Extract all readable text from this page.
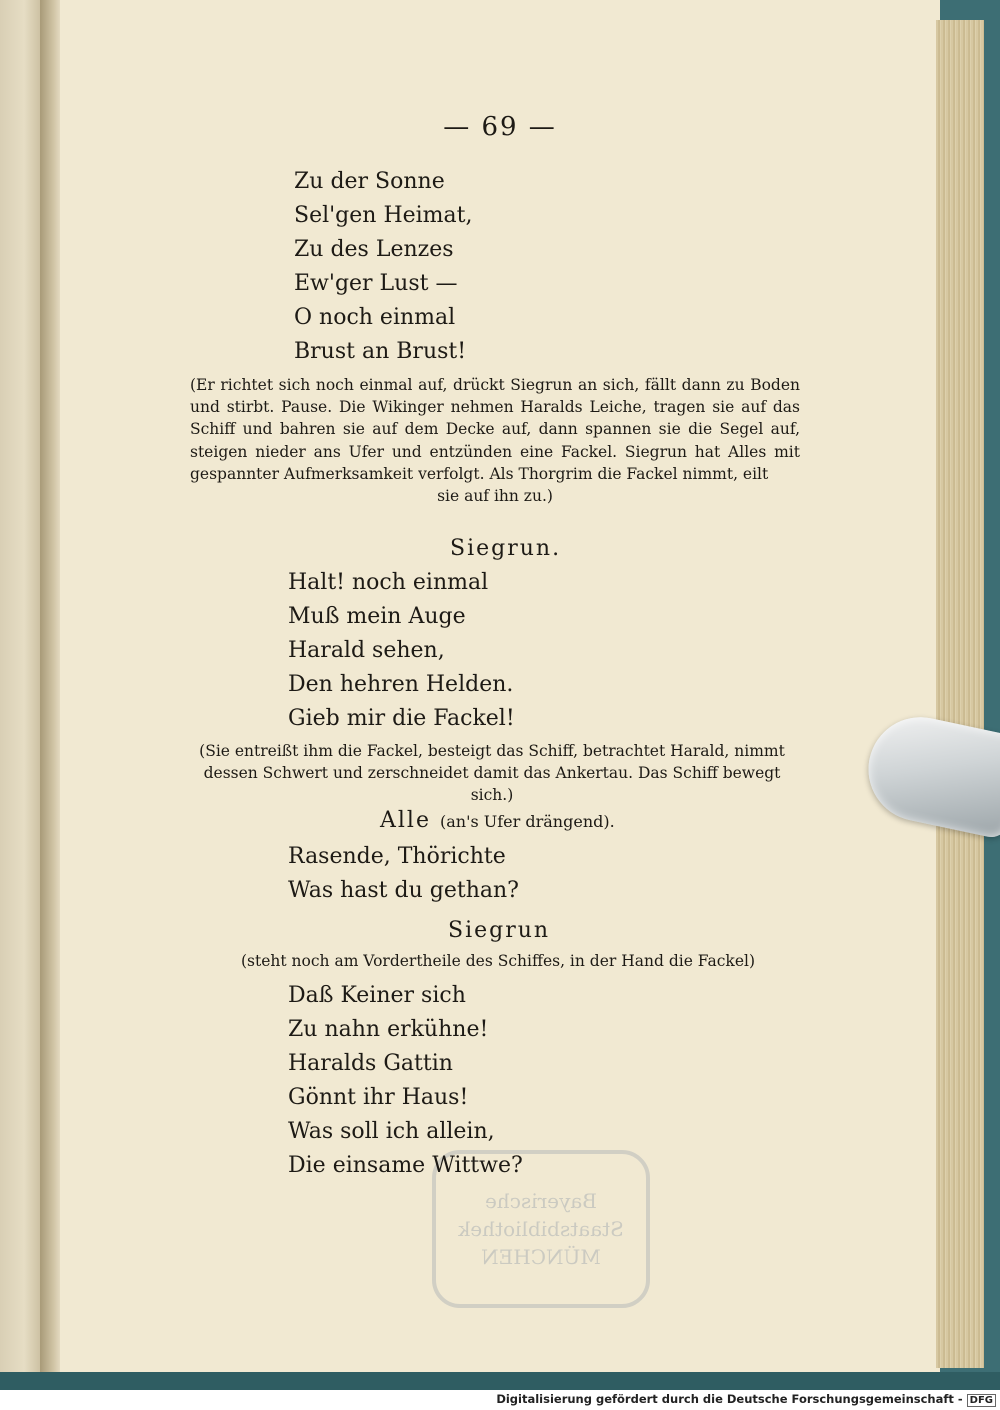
Bayerische
Staatsbibliothek
MÜNCHEN
— 69 —
Zu der Sonne
Sel'gen Heimat,
Zu des Lenzes
Ew'ger Lust —
O noch einmal
Brust an Brust!
(Er richtet sich noch einmal auf, drückt Siegrun an sich, fällt dann zu Boden und stirbt. Pause. Die Wikinger nehmen Haralds Leiche, tragen sie auf das Schiff und bahren sie auf dem Decke auf, dann spannen sie die Segel auf, steigen nieder ans Ufer und entzünden eine Fackel. Siegrun hat Alles mit gespannter Aufmerksamkeit verfolgt. Als Thorgrim die Fackel nimmt, eilt
sie auf ihn zu.)
Siegrun.
Halt! noch einmal
Muß mein Auge
Harald sehen,
Den hehren Helden.
Gieb mir die Fackel!
(Sie entreißt ihm die Fackel, besteigt das Schiff, betrachtet Harald, nimmt dessen Schwert und zerschneidet damit das Ankertau. Das Schiff bewegt sich.)
Alle (an's Ufer drängend).
Rasende, Thörichte
Was hast du gethan?
Siegrun
(steht noch am Vordertheile des Schiffes, in der Hand die Fackel)
Daß Keiner sich
Zu nahn erkühne!
Haralds Gattin
Gönnt ihr Haus!
Was soll ich allein,
Die einsame Wittwe?
Digitalisierung gefördert durch die Deutsche Forschungsgemeinschaft - DFG
